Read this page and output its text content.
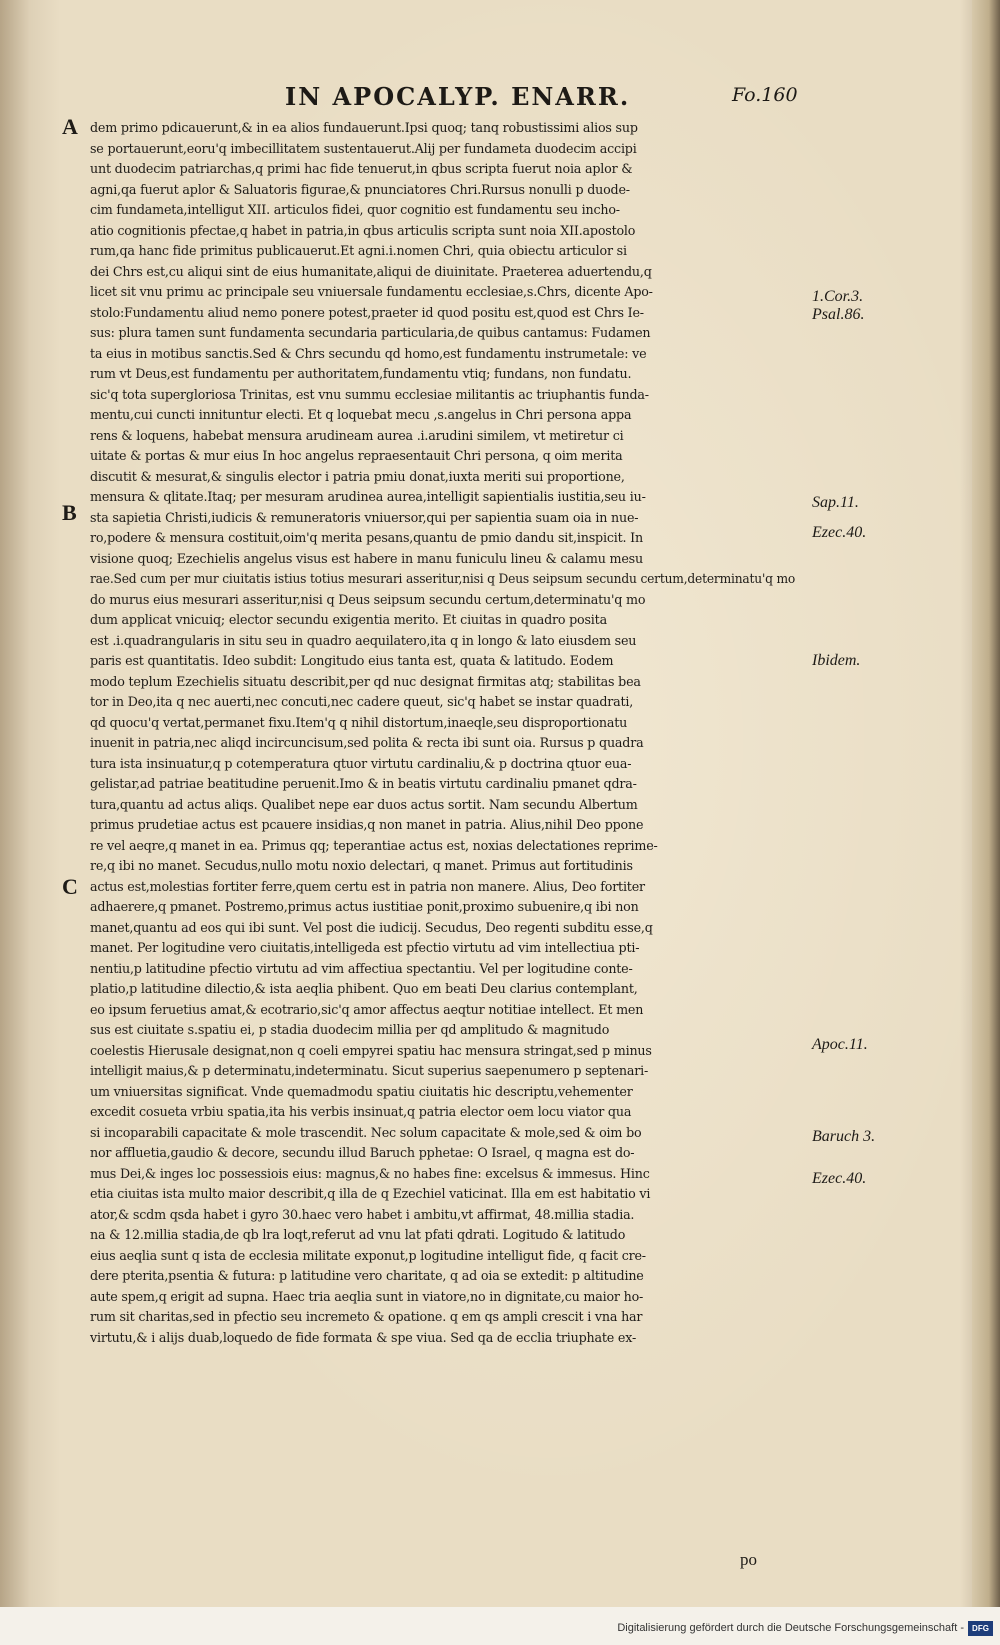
IN APOCALYP. ENARR.	Fo.160
A
B
C
1.Cor.3.
Psal.86.
Sap.11.
Ezec.40.
Ibidem.
Apoc.11.
Baruch 3.
Ezec.40.
dem primo pdicauerunt,& in ea alios fundauerunt.Ipsi quoq; tanq robustissimi alios sup
se portauerunt,eoru'q imbecillitatem sustentauerut.Alij per fundameta duodecim accipi
unt duodecim patriarchas,q primi hac fide tenuerut,in qbus scripta fuerut noia aplor &
agni,qa fuerut aplor & Saluatoris figurae,& pnunciatores Chri.Rursus nonulli p duode-
cim fundameta,intelligut XII. articulos fidei, quor cognitio est fundamentu seu incho-
atio cognitionis pfectae,q habet in patria,in qbus articulis scripta sunt noia XII.apostolo
rum,qa hanc fide primitus publicauerut.Et agni.i.nomen Chri, quia obiectu articulor si
dei Chrs est,cu aliqui sint de eius humanitate,aliqui de diuinitate. Praeterea aduertendu,q
licet sit vnu primu ac principale seu vniuersale fundamentu ecclesiae,s.Chrs, dicente Apo-
stolo:Fundamentu aliud nemo ponere potest,praeter id quod positu est,quod est Chrs Ie-
sus: plura tamen sunt fundamenta secundaria particularia,de quibus cantamus: Fudamen
ta eius in motibus sanctis.Sed & Chrs secundu qd homo,est fundamentu instrumetale: ve
rum vt Deus,est fundamentu per authoritatem,fundamentu vtiq; fundans, non fundatu.
sic'q tota supergloriosa Trinitas, est vnu summu ecclesiae militantis ac triuphantis funda-
mentu,cui cuncti innituntur electi. Et q loquebat mecu ,s.angelus in Chri persona appa
rens & loquens, habebat mensura arudineam aurea .i.arudini similem, vt metiretur ci
uitate & portas & mur eius In hoc angelus repraesentauit Chri persona, q oim merita
discutit & mesurat,& singulis elector i patria pmiu donat,iuxta meriti sui proportione,
mensura & qlitate.Itaq; per mesuram arudinea aurea,intelligit sapientialis iustitia,seu iu-
sta sapietia Christi,iudicis & remuneratoris vniuersor,qui per sapientia suam oia in nue-
ro,podere & mensura costituit,oim'q merita pesans,quantu de pmio dandu sit,inspicit. In
visione quoq; Ezechielis angelus visus est habere in manu funiculu lineu & calamu mesu
rae.Sed cum per mur ciuitatis istius totius mesurari asseritur,nisi q Deus seipsum secundu certum,determinatu'q mo
do murus eius mesurari asseritur,nisi q Deus seipsum secundu certum,determinatu'q mo
dum applicat vnicuiq; elector secundu exigentia merito. Et ciuitas in quadro posita
est .i.quadrangularis in situ seu in quadro aequilatero,ita q in longo & lato eiusdem seu
paris est quantitatis. Ideo subdit: Longitudo eius tanta est, quata & latitudo. Eodem
modo teplum Ezechielis situatu describit,per qd nuc designat firmitas atq; stabilitas bea
tor in Deo,ita q nec auerti,nec concuti,nec cadere queut, sic'q habet se instar quadrati,
qd quocu'q vertat,permanet fixu.Item'q q nihil distortum,inaeqle,seu disproportionatu
inuenit in patria,nec aliqd incircuncisum,sed polita & recta ibi sunt oia. Rursus p quadra
tura ista insinuatur,q p cotemperatura qtuor virtutu cardinaliu,& p doctrina qtuor eua-
gelistar,ad patriae beatitudine peruenit.Imo & in beatis virtutu cardinaliu pmanet qdra-
tura,quantu ad actus aliqs. Qualibet nepe ear duos actus sortit. Nam secundu Albertum
primus prudetiae actus est pcauere insidias,q non manet in patria. Alius,nihil Deo ppone
re vel aeqre,q manet in ea. Primus qq; teperantiae actus est, noxias delectationes reprime-
re,q ibi no manet. Secudus,nullo motu noxio delectari, q manet. Primus aut fortitudinis
actus est,molestias fortiter ferre,quem certu est in patria non manere. Alius, Deo fortiter
adhaerere,q pmanet. Postremo,primus actus iustitiae ponit,proximo subuenire,q ibi non
manet,quantu ad eos qui ibi sunt. Vel post die iudicij. Secudus, Deo regenti subditu esse,q
manet. Per logitudine vero ciuitatis,intelligeda est pfectio virtutu ad vim intellectiua pti-
nentiu,p latitudine pfectio virtutu ad vim affectiua spectantiu. Vel per logitudine conte-
platio,p latitudine dilectio,& ista aeqlia phibent. Quo em beati Deu clarius contemplant,
eo ipsum feruetius amat,& ecotrario,sic'q amor affectus aeqtur notitiae intellect. Et men
sus est ciuitate s.spatiu ei, p stadia duodecim millia per qd amplitudo & magnitudo
coelestis Hierusale designat,non q coeli empyrei spatiu hac mensura stringat,sed p minus
intelligit maius,& p determinatu,indeterminatu. Sicut superius saepenumero p septenari-
um vniuersitas significat. Vnde quemadmodu spatiu ciuitatis hic descriptu,vehementer
excedit cosueta vrbiu spatia,ita his verbis insinuat,q patria elector oem locu viator qua
si incoparabili capacitate & mole trascendit. Nec solum capacitate & mole,sed & oim bo
nor affluetia,gaudio & decore, secundu illud Baruch pphetae: O Israel, q magna est do-
mus Dei,& inges loc possessiois eius: magnus,& no habes fine: excelsus & immesus. Hinc
etia ciuitas ista multo maior describit,q illa de q Ezechiel vaticinat. Illa em est habitatio vi
ator,& scdm qsda habet i gyro 30.haec vero habet i ambitu,vt affirmat, 48.millia stadia.
na & 12.millia stadia,de qb lra loqt,referut ad vnu lat pfati qdrati. Logitudo & latitudo
eius aeqlia sunt q ista de ecclesia militate exponut,p logitudine intelligut fide, q facit cre-
dere pterita,psentia & futura: p latitudine vero charitate, q ad oia se extedit: p altitudine
aute spem,q erigit ad supna. Haec tria aeqlia sunt in viatore,no in dignitate,cu maior ho-
rum sit charitas,sed in pfectio seu incremeto & opatione. q em qs ampli crescit i vna har
virtutu,& i alijs duab,loquedo de fide formata & spe viua. Sed qa de ecclia triuphate ex-
po
Digitalisierung gefördert durch die Deutsche Forschungsgemeinschaft -	DFG
